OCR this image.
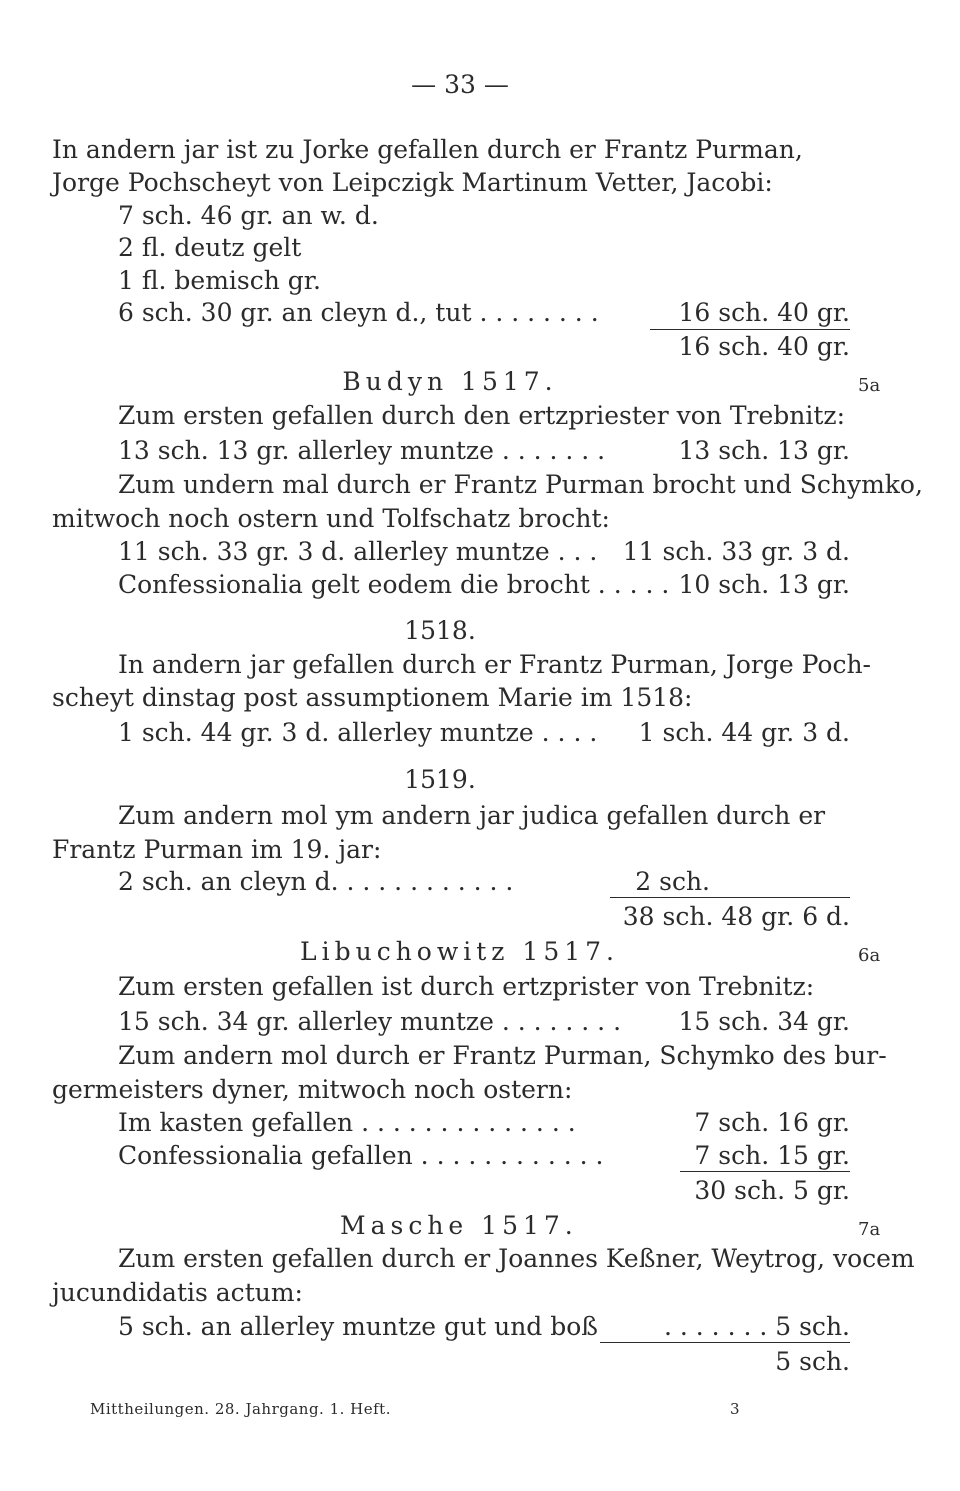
— 33 —
In andern jar ist zu Jorke gefallen durch er Frantz Purman,
Jorge Pochscheyt von Leipczigk Martinum Vetter, Jacobi:
7 sch. 46 gr. an w. d.
2 fl. deutz gelt
1 fl. bemisch gr.
6 sch. 30 gr. an cleyn d., tut . . . . . . . .	16 sch. 40 gr.
16 sch. 40 gr.
Budyn 1517.	5a
Zum ersten gefallen durch den ertzpriester von Trebnitz:
13 sch. 13 gr. allerley muntze . . . . . . .	13 sch. 13 gr.
Zum undern mal durch er Frantz Purman brocht und Schymko,
mitwoch noch ostern und Tolfschatz brocht:
11 sch. 33 gr. 3 d. allerley muntze . . .	11 sch. 33 gr. 3 d.
Confessionalia gelt eodem die brocht . . . . . 10 sch. 13 gr.
1518.
In andern jar gefallen durch er Frantz Purman, Jorge Poch-
scheyt dinstag post assumptionem Marie im 1518:
1 sch. 44 gr. 3 d. allerley muntze . . . .	1 sch. 44 gr. 3 d.
1519.
Zum andern mol ym andern jar judica gefallen durch er
Frantz Purman im 19. jar:
2 sch. an cleyn d. . . . . . . . . . . .	2 sch.
38 sch. 48 gr. 6 d.
Libuchowitz 1517.	6a
Zum ersten gefallen ist durch ertzprister von Trebnitz:
15 sch. 34 gr. allerley muntze . . . . . . . .	15 sch. 34 gr.
Zum andern mol durch er Frantz Purman, Schymko des bur-
germeisters dyner, mitwoch noch ostern:
Im kasten gefallen . . . . . . . . . . . . . .	7 sch. 16 gr.
Confessionalia gefallen . . . . . . . . . . . .	7 sch. 15 gr.
30 sch. 5 gr.
Masche 1517.	7a
Zum ersten gefallen durch er Joannes Keßner, Weytrog, vocem
jucundidatis actum:
5 sch. an allerley muntze gut und boß	. . . . . . . 5 sch.
5 sch.
Mittheilungen. 28. Jahrgang. 1. Heft.	3
